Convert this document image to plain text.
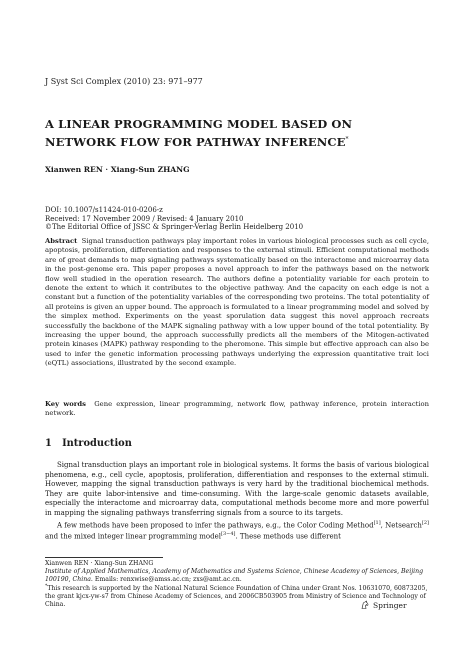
J Syst Sci Complex (2010) 23: 971–977
A LINEAR PROGRAMMING MODEL BASED ON
NETWORK FLOW FOR PATHWAY INFERENCE*
Xianwen REN · Xiang-Sun ZHANG
DOI: 10.1007/s11424-010-0206-z
Received: 17 November 2009 / Revised: 4 January 2010
©The Editorial Office of JSSC & Springer-Verlag Berlin Heidelberg 2010
Abstract Signal transduction pathways play important roles in various biological processes such as cell cycle, apoptosis, proliferation, differentiation and responses to the external stimuli. Efficient computational methods are of great demands to map signaling pathways systematically based on the interactome and microarray data in the post-genome era. This paper proposes a novel approach to infer the pathways based on the network flow well studied in the operation research. The authors define a potentiality variable for each protein to denote the extent to which it contributes to the objective pathway. And the capacity on each edge is not a constant but a function of the potentiality variables of the corresponding two proteins. The total potentiality of all proteins is given an upper bound. The approach is formulated to a linear programming model and solved by the simplex method. Experiments on the yeast sporulation data suggest this novel approach recreats successfully the backbone of the MAPK signaling pathway with a low upper bound of the total potentiality. By increasing the upper bound, the approach successfully predicts all the members of the Mitogen-activated protein kinases (MAPK) pathway responding to the pheromone. This simple but effective approach can also be used to infer the genetic information processing pathways underlying the expression quantitative trait loci (eQTL) associations, illustrated by the second example.
Key words Gene expression, linear programming, network flow, pathway inference, protein interaction network.
1 Introduction

Signal transduction plays an important role in biological systems. It forms the basis of various biological phenomena, e.g., cell cycle, apoptosis, proliferation, differentiation and responses to the external stimuli. However, mapping the signal transduction pathways is very hard by the traditional biochemical methods. They are quite labor-intensive and time-consuming. With the large-scale genomic datasets available, especially the interactome and microarray data, computational methods become more and more powerful in mapping the signaling pathways transferring signals from a source to its targets.

A few methods have been proposed to infer the pathways, e.g., the Color Coding Method[1], Netsearch[2] and the mixed integer linear programming model[3−4]. These methods use different

Xianwen REN · Xiang-Sun ZHANG
Institute of Applied Mathematics, Academy of Mathematics and Systems Science, Chinese Academy of Sciences, Beijing 100190, China. Emails: renxwise@amss.ac.cn; zxs@amt.ac.cn.
*This research is supported by the National Natural Science Foundation of China under Grant Nos. 10631070, 60873205, the grant kjcx-yw-s7 from Chinese Academy of Sciences, and 2006CB503905 from Ministry of Science and Technology of China.	Springer
